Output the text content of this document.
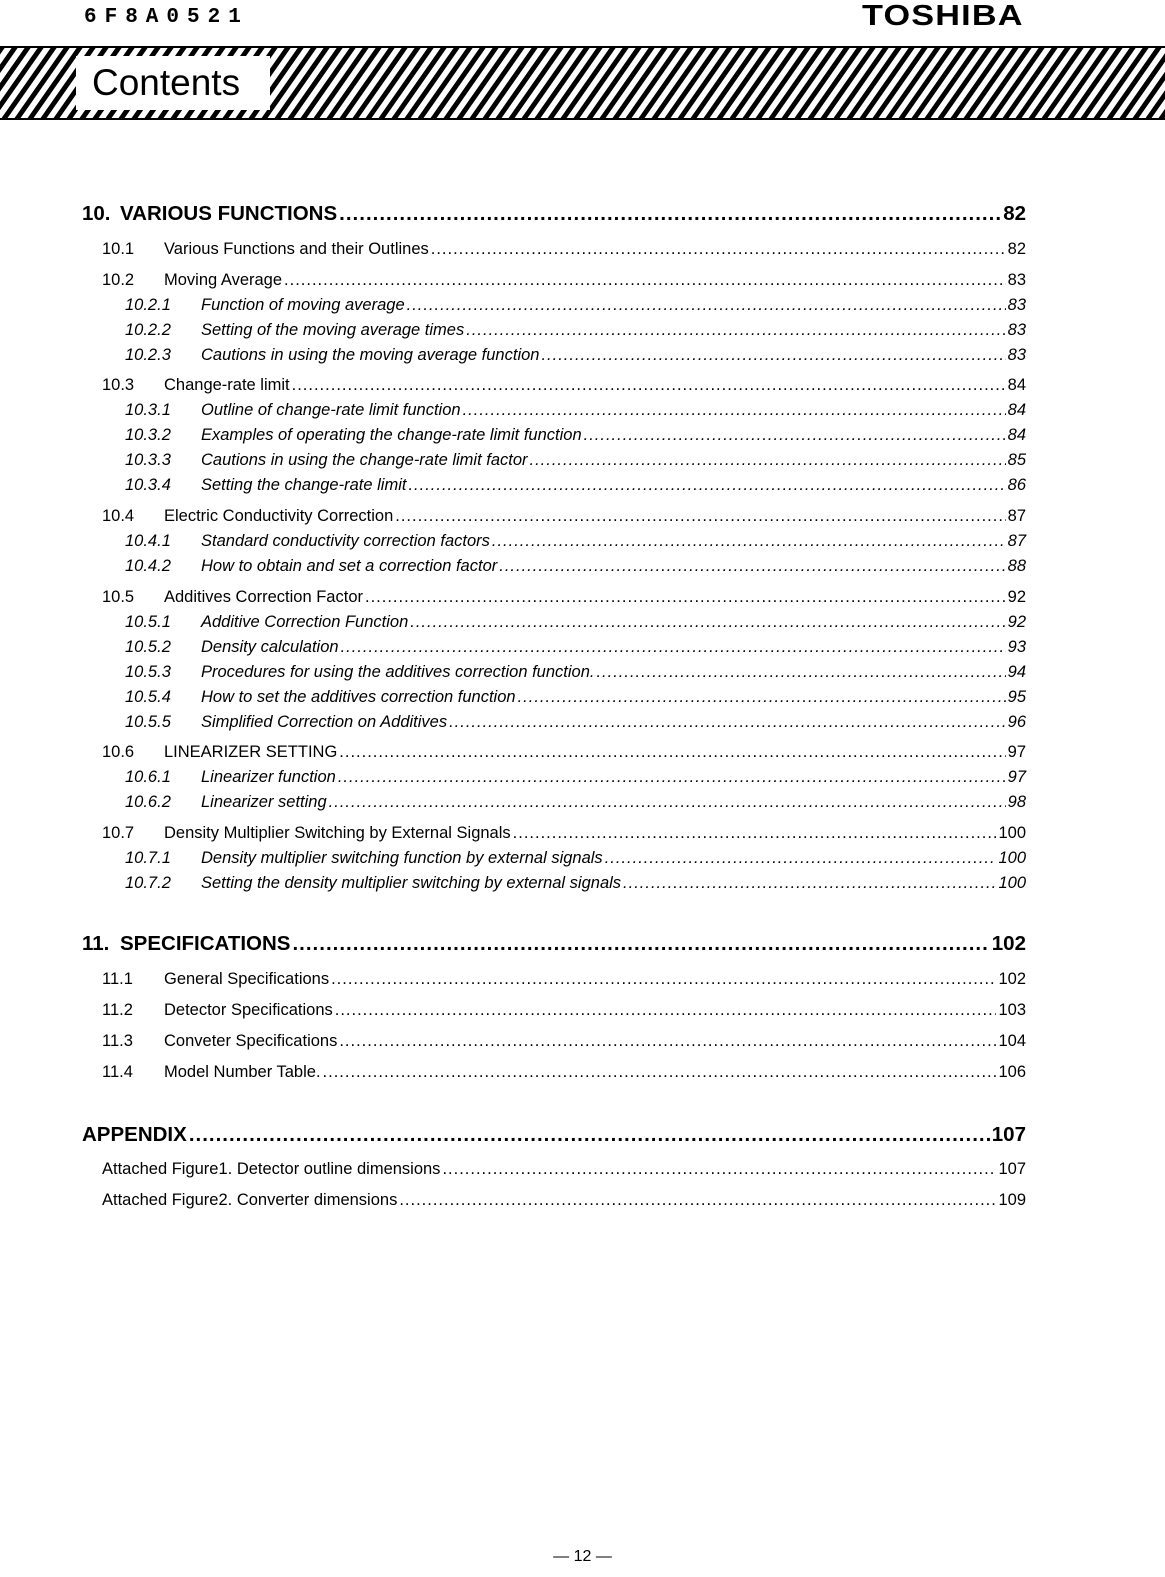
6F8A0521	TOSHIBA
Contents
10. VARIOUS FUNCTIONS .....	82
10.1	Various Functions and their Outlines .....	82
10.2	Moving Average .....	83
10.2.1	Function of moving average .....	83
10.2.2	Setting of the moving average times .....	83
10.2.3	Cautions in using the moving average function .....	83
10.3	Change-rate limit .....	84
10.3.1	Outline of change-rate limit function .....	84
10.3.2	Examples of operating the change-rate limit function .....	84
10.3.3	Cautions in using the change-rate limit factor .....	85
10.3.4	Setting the change-rate limit .....	86
10.4	Electric Conductivity Correction .....	87
10.4.1	Standard conductivity correction factors .....	87
10.4.2	How to obtain and set a correction factor .....	88
10.5	Additives Correction Factor .....	92
10.5.1	Additive Correction Function .....	92
10.5.2	Density calculation .....	93
10.5.3	Procedures for using the additives correction function. .....	94
10.5.4	How to set the additives correction function .....	95
10.5.5	Simplified Correction on Additives .....	96
10.6	LINEARIZER SETTING .....	97
10.6.1	Linearizer function .....	97
10.6.2	Linearizer setting .....	98
10.7	Density Multiplier Switching by External Signals .....	100
10.7.1	Density multiplier switching function by external signals .....	100
10.7.2	Setting the density multiplier switching by external signals .....	100
11. SPECIFICATIONS .....	102
11.1	General Specifications .....	102
11.2	Detector Specifications .....	103
11.3	Conveter Specifications .....	104
11.4	Model Number Table. .....	106
APPENDIX .....	107
Attached Figure1. Detector outline dimensions .....	107
Attached Figure2. Converter dimensions .....	109
— 12 —
